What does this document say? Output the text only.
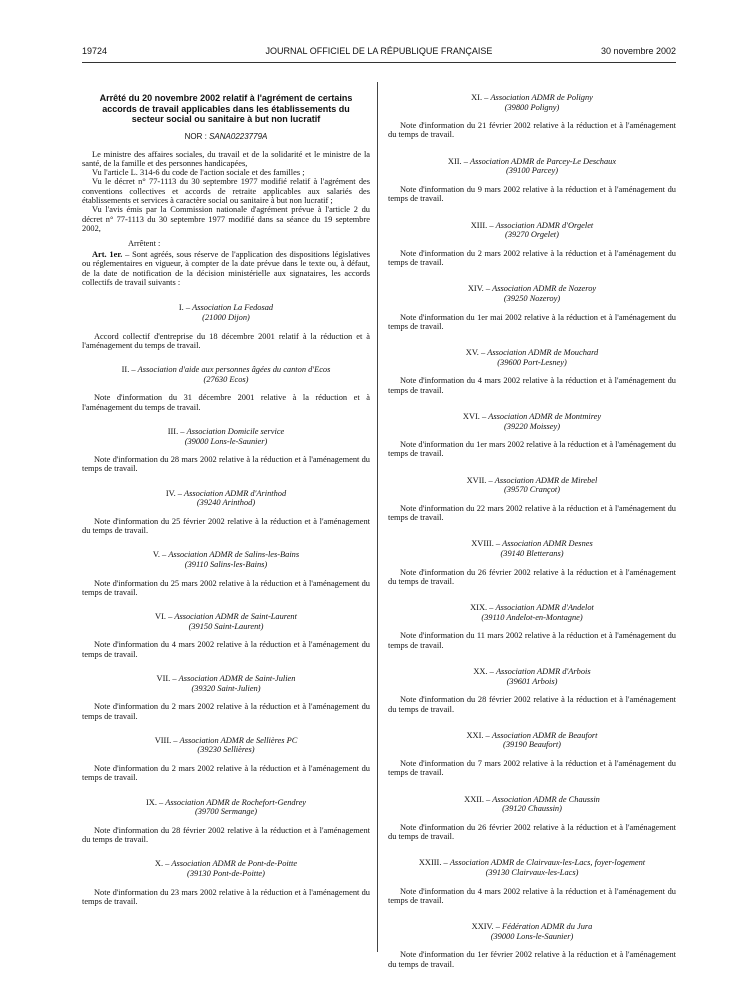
19724	JOURNAL OFFICIEL DE LA RÉPUBLIQUE FRANÇAISE	30 novembre 2002
Arrêté du 20 novembre 2002 relatif à l'agrément de certains accords de travail applicables dans les établissements du secteur social ou sanitaire à but non lucratif
NOR : SANA0223779A

Le ministre des affaires sociales, du travail et de la solidarité et le ministre de la santé, de la famille et des personnes handicapées,

Vu l'article L. 314-6 du code de l'action sociale et des familles ;

Vu le décret n° 77-1113 du 30 septembre 1977 modifié relatif à l'agrément des conventions collectives et accords de retraite applicables aux salariés des établissements et services à caractère social ou sanitaire à but non lucratif ;

Vu l'avis émis par la Commission nationale d'agrément prévue à l'article 2 du décret n° 77-1113 du 30 septembre 1977 modifié dans sa séance du 19 septembre 2002,

Arrêtent :

Art. 1er. – Sont agréés, sous réserve de l'application des dispositions législatives ou réglementaires en vigueur, à compter de la date prévue dans le texte ou, à défaut, de la date de notification de la décision ministérielle aux signataires, les accords collectifs de travail suivants :

I. – Association La Fedosad
(21000 Dijon)
Accord collectif d'entreprise du 18 décembre 2001 relatif à la réduction et à l'aménagement du temps de travail.
II. – Association d'aide aux personnes âgées du canton d'Ecos
(27630 Ecos)
Note d'information du 31 décembre 2001 relative à la réduction et à l'aménagement du temps de travail.
III. – Association Domicile service
(39000 Lons-le-Saunier)
Note d'information du 28 mars 2002 relative à la réduction et à l'aménagement du temps de travail.
IV. – Association ADMR d'Arinthod
(39240 Arinthod)
Note d'information du 25 février 2002 relative à la réduction et à l'aménagement du temps de travail.
V. – Association ADMR de Salins-les-Bains
(39110 Salins-les-Bains)
Note d'information du 25 mars 2002 relative à la réduction et à l'aménagement du temps de travail.
VI. – Association ADMR de Saint-Laurent
(39150 Saint-Laurent)
Note d'information du 4 mars 2002 relative à la réduction et à l'aménagement du temps de travail.
VII. – Association ADMR de Saint-Julien
(39320 Saint-Julien)
Note d'information du 2 mars 2002 relative à la réduction et à l'aménagement du temps de travail.
VIII. – Association ADMR de Sellières PC
(39230 Sellières)
Note d'information du 2 mars 2002 relative à la réduction et à l'aménagement du temps de travail.
IX. – Association ADMR de Rochefort-Gendrey
(39700 Sermange)
Note d'information du 28 février 2002 relative à la réduction et à l'aménagement du temps de travail.
X. – Association ADMR de Pont-de-Poitte
(39130 Pont-de-Poitte)
Note d'information du 23 mars 2002 relative à la réduction et à l'aménagement du temps de travail.
XI. – Association ADMR de Poligny
(39800 Poligny)
Note d'information du 21 février 2002 relative à la réduction et à l'aménagement du temps de travail.
XII. – Association ADMR de Parcey-Le Deschaux
(39100 Parcey)
Note d'information du 9 mars 2002 relative à la réduction et à l'aménagement du temps de travail.
XIII. – Association ADMR d'Orgelet
(39270 Orgelet)
Note d'information du 2 mars 2002 relative à la réduction et à l'aménagement du temps de travail.
XIV. – Association ADMR de Nozeroy
(39250 Nozeroy)
Note d'information du 1er mai 2002 relative à la réduction et à l'aménagement du temps de travail.
XV. – Association ADMR de Mouchard
(39600 Port-Lesney)
Note d'information du 4 mars 2002 relative à la réduction et à l'aménagement du temps de travail.
XVI. – Association ADMR de Montmirey
(39220 Moissey)
Note d'information du 1er mars 2002 relative à la réduction et à l'aménagement du temps de travail.
XVII. – Association ADMR de Mirebel
(39570 Crançot)
Note d'information du 22 mars 2002 relative à la réduction et à l'aménagement du temps de travail.
XVIII. – Association ADMR Desnes
(39140 Bletterans)
Note d'information du 26 février 2002 relative à la réduction et à l'aménagement du temps de travail.
XIX. – Association ADMR d'Andelot
(39110 Andelot-en-Montagne)
Note d'information du 11 mars 2002 relative à la réduction et à l'aménagement du temps de travail.
XX. – Association ADMR d'Arbois
(39601 Arbois)
Note d'information du 28 février 2002 relative à la réduction et à l'aménagement du temps de travail.
XXI. – Association ADMR de Beaufort
(39190 Beaufort)
Note d'information du 7 mars 2002 relative à la réduction et à l'aménagement du temps de travail.
XXII. – Association ADMR de Chaussin
(39120 Chaussin)
Note d'information du 26 février 2002 relative à la réduction et à l'aménagement du temps de travail.
XXIII. – Association ADMR de Clairvaux-les-Lacs, foyer-logement
(39130 Clairvaux-les-Lacs)
Note d'information du 4 mars 2002 relative à la réduction et à l'aménagement du temps de travail.
XXIV. – Fédération ADMR du Jura
(39000 Lons-le-Saunier)
Note d'information du 1er février 2002 relative à la réduction et à l'aménagement du temps de travail.
